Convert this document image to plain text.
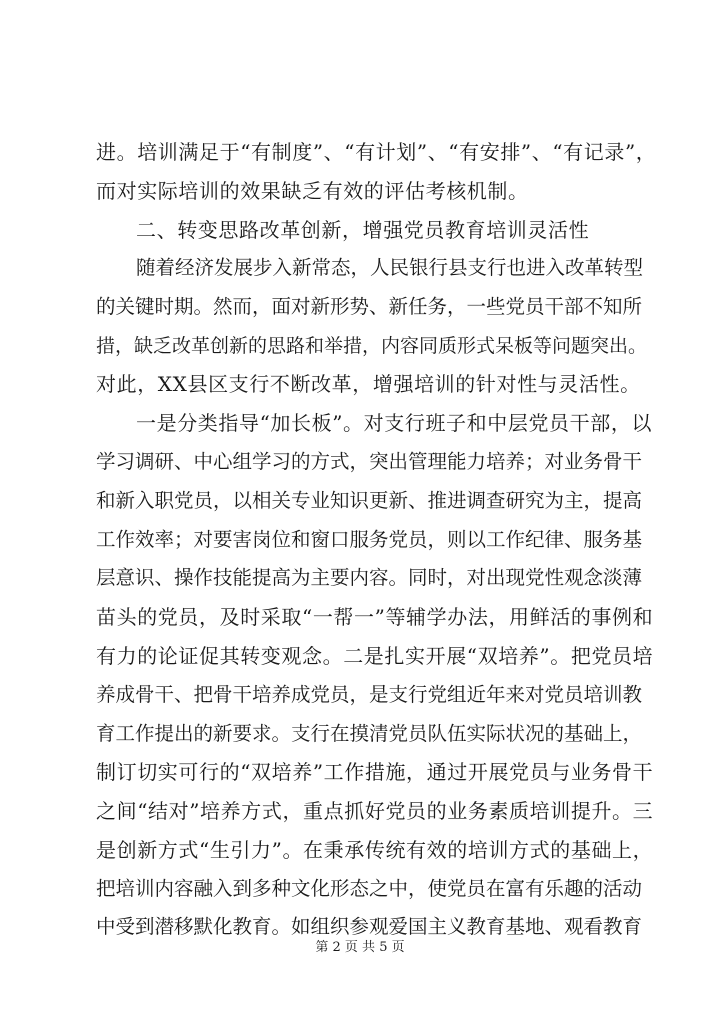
进。培训满足于“有制度”、“有计划”、“有安排”、“有记录”，
而对实际培训的效果缺乏有效的评估考核机制。
二、转变思路改革创新，增强党员教育培训灵活性
随着经济发展步入新常态，人民银行县支行也进入改革转型
的关键时期。然而，面对新形势、新任务，一些党员干部不知所
措，缺乏改革创新的思路和举措，内容同质形式呆板等问题突出。
对此，XX县区支行不断改革，增强培训的针对性与灵活性。
一是分类指导“加长板”。对支行班子和中层党员干部，以
学习调研、中心组学习的方式，突出管理能力培养；对业务骨干
和新入职党员，以相关专业知识更新、推进调查研究为主，提高
工作效率；对要害岗位和窗口服务党员，则以工作纪律、服务基
层意识、操作技能提高为主要内容。同时，对出现党性观念淡薄
苗头的党员，及时采取“一帮一”等辅学办法，用鲜活的事例和
有力的论证促其转变观念。二是扎实开展“双培养”。把党员培
养成骨干、把骨干培养成党员，是支行党组近年来对党员培训教
育工作提出的新要求。支行在摸清党员队伍实际状况的基础上，
制订切实可行的“双培养”工作措施，通过开展党员与业务骨干
之间“结对”培养方式，重点抓好党员的业务素质培训提升。三
是创新方式“生引力”。在秉承传统有效的培训方式的基础上，
把培训内容融入到多种文化形态之中，使党员在富有乐趣的活动
中受到潜移默化教育。如组织参观爱国主义教育基地、观看教育
第 2 页 共 5 页
